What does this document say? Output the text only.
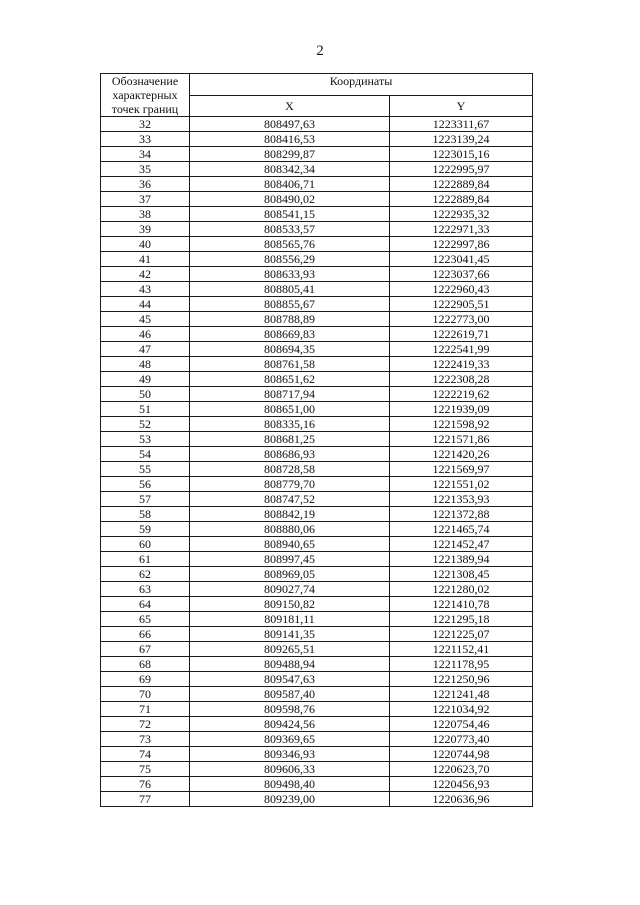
2
Обозначение
характерных
точек границ	Координаты	
	X	Y
32	808497,63	1223311,67
33	808416,53	1223139,24
34	808299,87	1223015,16
35	808342,34	1222995,97
36	808406,71	1222889,84
37	808490,02	1222889,84
38	808541,15	1222935,32
39	808533,57	1222971,33
40	808565,76	1222997,86
41	808556,29	1223041,45
42	808633,93	1223037,66
43	808805,41	1222960,43
44	808855,67	1222905,51
45	808788,89	1222773,00
46	808669,83	1222619,71
47	808694,35	1222541,99
48	808761,58	1222419,33
49	808651,62	1222308,28
50	808717,94	1222219,62
51	808651,00	1221939,09
52	808335,16	1221598,92
53	808681,25	1221571,86
54	808686,93	1221420,26
55	808728,58	1221569,97
56	808779,70	1221551,02
57	808747,52	1221353,93
58	808842,19	1221372,88
59	808880,06	1221465,74
60	808940,65	1221452,47
61	808997,45	1221389,94
62	808969,05	1221308,45
63	809027,74	1221280,02
64	809150,82	1221410,78
65	809181,11	1221295,18
66	809141,35	1221225,07
67	809265,51	1221152,41
68	809488,94	1221178,95
69	809547,63	1221250,96
70	809587,40	1221241,48
71	809598,76	1221034,92
72	809424,56	1220754,46
73	809369,65	1220773,40
74	809346,93	1220744,98
75	809606,33	1220623,70
76	809498,40	1220456,93
77	809239,00	1220636,96
